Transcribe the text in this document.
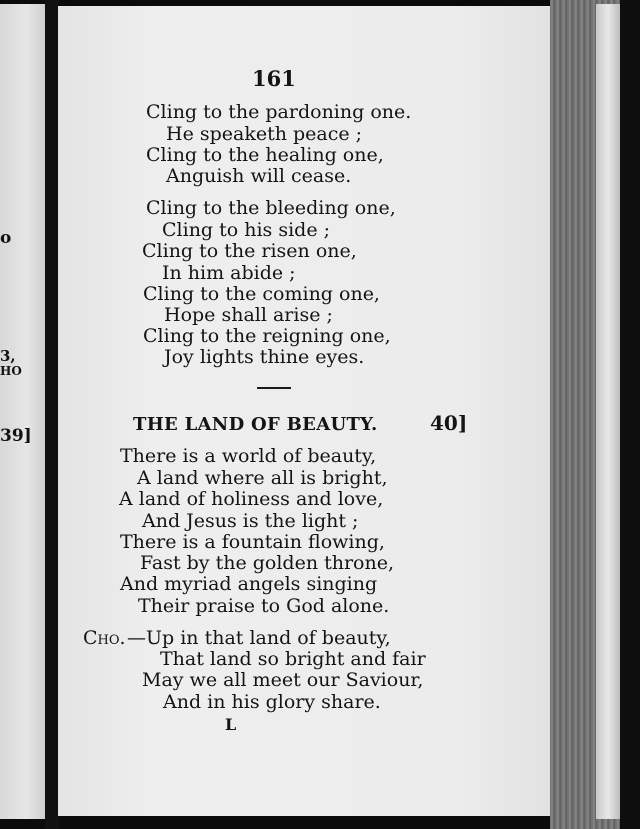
o
3,
HO
39]
161
Cling to the pardoning one.
He speaketh peace ;
Cling to the healing one,
Anguish will cease.
Cling to the bleeding one,
Cling to his side ;
Cling to the risen one,
In him abide ;
Cling to the coming one,
Hope shall arise ;
Cling to the reigning one,
Joy lights thine eyes.
THE LAND OF BEAUTY.	40]
There is a world of beauty,
A land where all is bright,
A land of holiness and love,
And Jesus is the light ;
There is a fountain flowing,
Fast by the golden throne,
And myriad angels singing
Their praise to God alone.
Cho. —Up in that land of beauty,
That land so bright and fair
May we all meet our Saviour,
And in his glory share.
L
